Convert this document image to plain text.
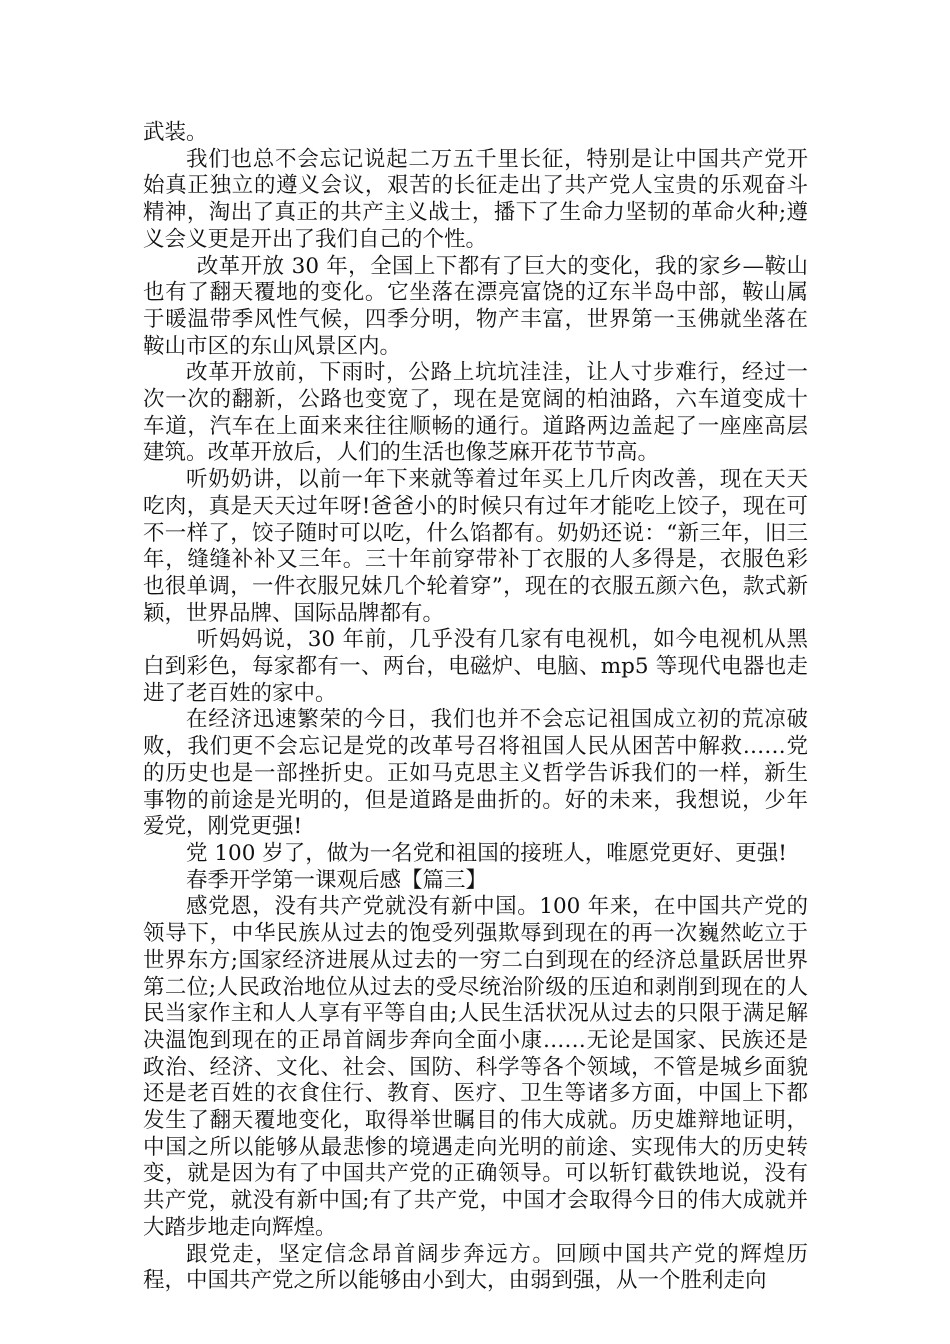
武装。

我们也总不会忘记说起二万五千里长征，特别是让中国共产党开始真正独立的遵义会议，艰苦的长征走出了共产党人宝贵的乐观奋斗精神，淘出了真正的共产主义战士，播下了生命力坚韧的革命火种;遵义会义更是开出了我们自己的个性。

改革开放 30 年，全国上下都有了巨大的变化，我的家乡—鞍山也有了翻天覆地的变化。它坐落在漂亮富饶的辽东半岛中部，鞍山属于暖温带季风性气候，四季分明，物产丰富，世界第一玉佛就坐落在鞍山市区的东山风景区内。

改革开放前，下雨时，公路上坑坑洼洼，让人寸步难行，经过一次一次的翻新，公路也变宽了，现在是宽阔的柏油路，六车道变成十车道，汽车在上面来来往往顺畅的通行。道路两边盖起了一座座高层建筑。改革开放后，人们的生活也像芝麻开花节节高。

听奶奶讲，以前一年下来就等着过年买上几斤肉改善，现在天天吃肉，真是天天过年呀!爸爸小的时候只有过年才能吃上饺子，现在可不一样了，饺子随时可以吃，什么馅都有。奶奶还说：“新三年，旧三年，缝缝补补又三年。三十年前穿带补丁衣服的人多得是，衣服色彩也很单调，一件衣服兄妹几个轮着穿”，现在的衣服五颜六色，款式新颖，世界品牌、国际品牌都有。

听妈妈说，30 年前，几乎没有几家有电视机，如今电视机从黑白到彩色，每家都有一、两台，电磁炉、电脑、mp5 等现代电器也走进了老百姓的家中。

在经济迅速繁荣的今日，我们也并不会忘记祖国成立初的荒凉破败，我们更不会忘记是党的改革号召将祖国人民从困苦中解救……党的历史也是一部挫折史。正如马克思主义哲学告诉我们的一样，新生事物的前途是光明的，但是道路是曲折的。好的未来，我想说，少年爱党，刚党更强!

党 100 岁了，做为一名党和祖国的接班人，唯愿党更好、更强!

春季开学第一课观后感【篇三】

感党恩，没有共产党就没有新中国。100 年来，在中国共产党的领导下，中华民族从过去的饱受列强欺辱到现在的再一次巍然屹立于世界东方;国家经济进展从过去的一穷二白到现在的经济总量跃居世界第二位;人民政治地位从过去的受尽统治阶级的压迫和剥削到现在的人民当家作主和人人享有平等自由;人民生活状况从过去的只限于满足解决温饱到现在的正昂首阔步奔向全面小康……无论是国家、民族还是政治、经济、文化、社会、国防、科学等各个领域，不管是城乡面貌还是老百姓的衣食住行、教育、医疗、卫生等诸多方面，中国上下都发生了翻天覆地变化，取得举世瞩目的伟大成就。历史雄辩地证明，中国之所以能够从最悲惨的境遇走向光明的前途、实现伟大的历史转变，就是因为有了中国共产党的正确领导。可以斩钉截铁地说，没有共产党，就没有新中国;有了共产党，中国才会取得今日的伟大成就并大踏步地走向辉煌。

跟党走，坚定信念昂首阔步奔远方。回顾中国共产党的辉煌历程，中国共产党之所以能够由小到大，由弱到强，从一个胜利走向
